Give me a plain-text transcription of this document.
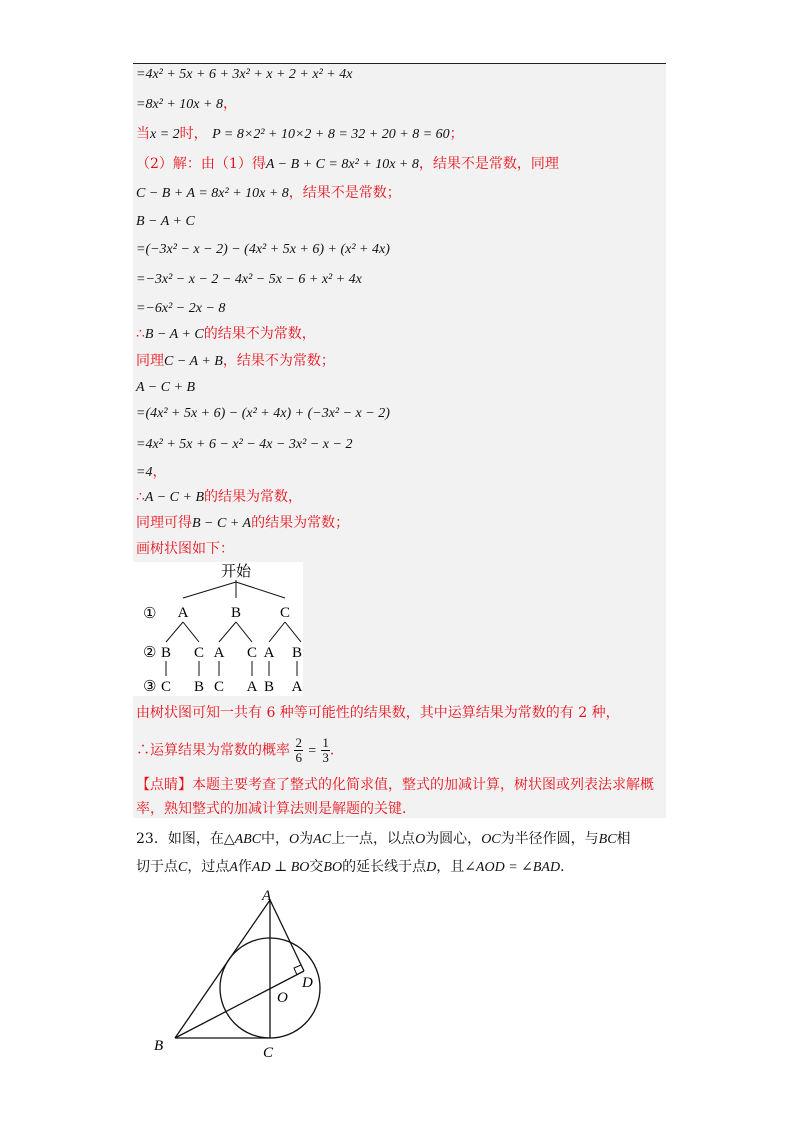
=4x² + 5x + 6 + 3x² + x + 2 + x² + 4x
=8x² + 10x + 8，
当x = 2时， P = 8×2² + 10×2 + 8 = 32 + 20 + 8 = 60；
（2）解：由（1）得A − B + C = 8x² + 10x + 8，结果不是常数，同理
C − B + A = 8x² + 10x + 8，结果不是常数；
B − A + C
=(−3x² − x − 2) − (4x² + 5x + 6) + (x² + 4x)
=−3x² − x − 2 − 4x² − 5x − 6 + x² + 4x
=−6x² − 2x − 8
∴B − A + C的结果不为常数，
同理C − A + B，结果不为常数；
A − C + B
=(4x² + 5x + 6) − (x² + 4x) + (−3x² − x − 2)
=4x² + 5x + 6 − x² − 4x − 3x² − x − 2
=4，
∴A − C + B的结果为常数，
同理可得B − C + A的结果为常数；
画树状图如下：
开始
①
②
③
A	B	C
B C A C A B
C B C A B A
由树状图可知一共有 6 种等可能性的结果数，其中运算结果为常数的有 2 种，
∴运算结果为常数的概率 $\frac{2}{6} = \frac{1}{3}$ ．
【点睛】本题主要考查了整式的化简求值，整式的加减计算，树状图或列表法求解概
率，熟知整式的加减计算法则是解题的关键．
23．如图，在△ABC中，O为AC上一点，以点O为圆心，OC为半径作圆，与BC相
切于点C，过点A作AD ⊥ BO交BO的延长线于点D，且∠AOD = ∠BAD．
A
B	C
D
O
